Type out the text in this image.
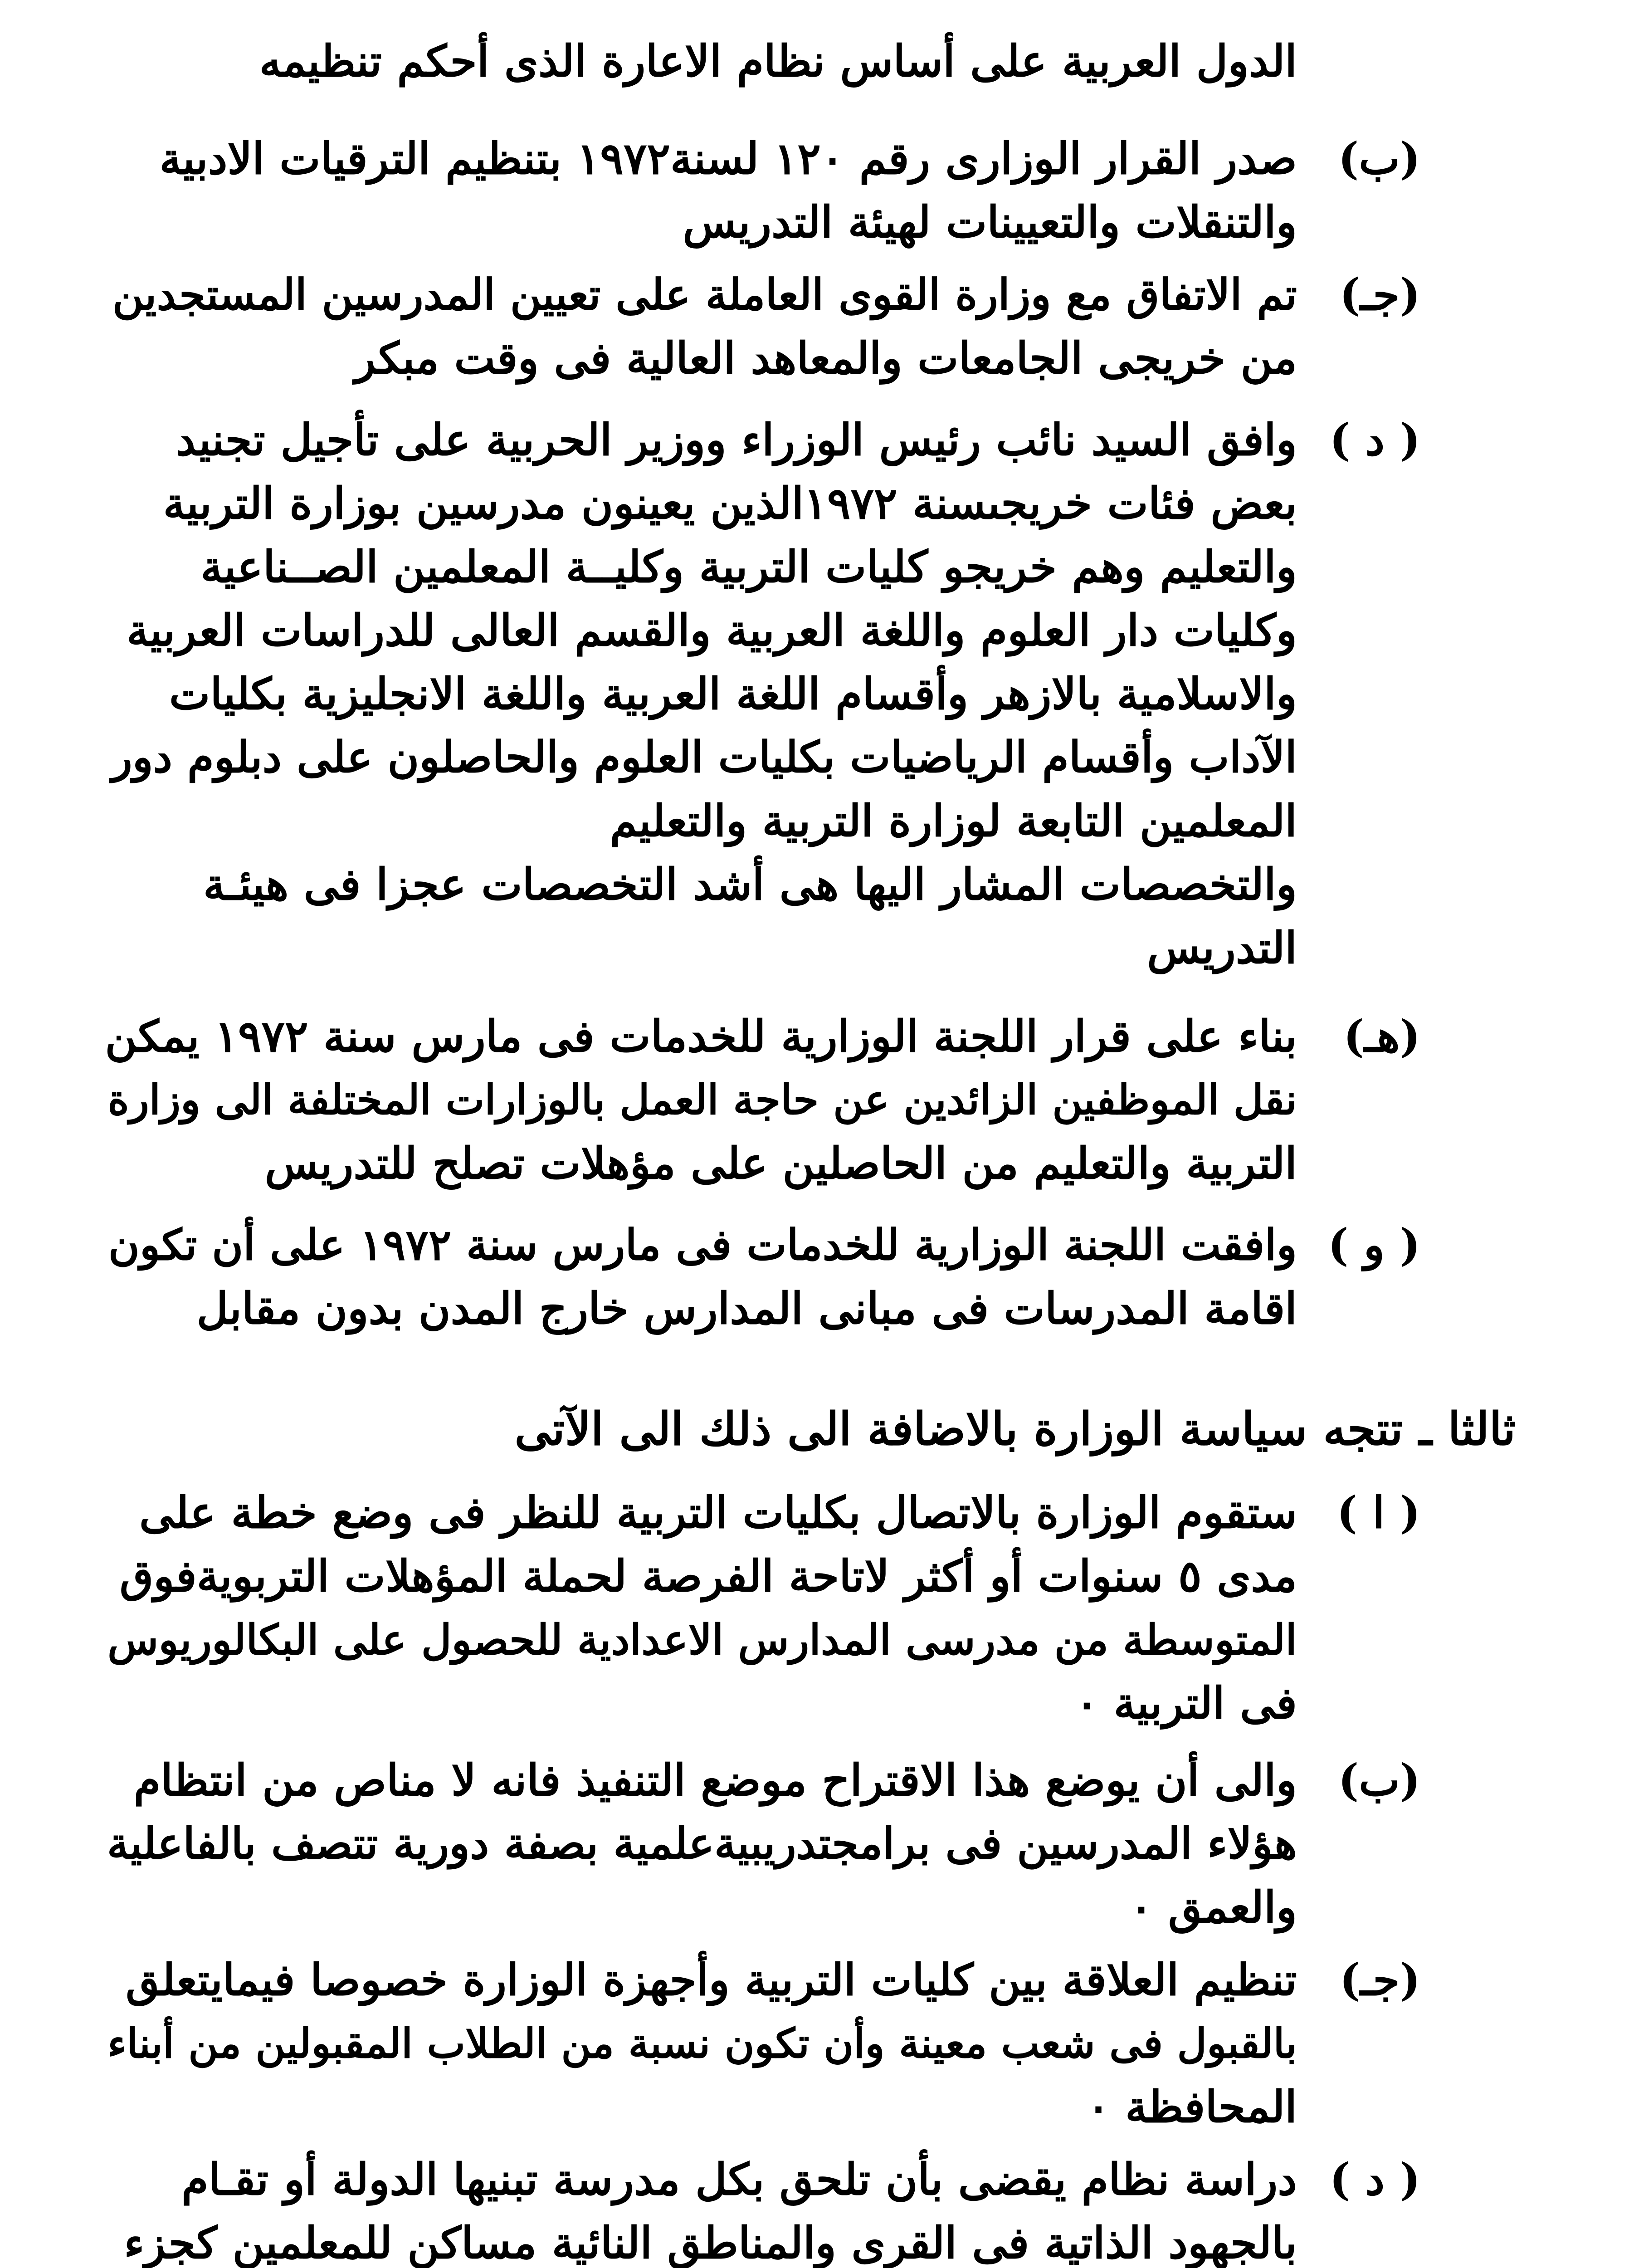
الدول العربية على أساس نظام الاعارة الذى أحكم تنظيمه
(ب)
صدر القرار الوزارى رقم ١٢٠ لسنة١٩٧٢ بتنظيم الترقيات الادبية
والتنقلات والتعيينات لهيئة التدريس
(جـ)
تم الاتفاق مع وزارة القوى العاملة على تعيين المدرسين المستجدين
من خريجى الجامعات والمعاهد العالية فى وقت مبكر
( د )
وافق السيد نائب رئيس الوزراء ووزير الحربية على تأجيل تجنيد
بعض فئات خريجىسنة ١٩٧٢الذين يعينون مدرسين بوزارة التربية
والتعليم وهم خريجو كليات التربية وكليــة المعلمين الصــناعية
وكليات دار العلوم واللغة العربية والقسم العالى للدراسات العربية
والاسلامية بالازهر وأقسام اللغة العربية واللغة الانجليزية بكليات
الآداب وأقسام الرياضيات بكليات العلوم والحاصلون على دبلوم دور
المعلمين التابعة لوزارة التربية والتعليم
والتخصصات المشار اليها هى أشد التخصصات عجزا فى هيئـة
التدريس
(هـ)
بناء على قرار اللجنة الوزارية للخدمات فى مارس سنة ١٩٧٢ يمكن
نقل الموظفين الزائدين عن حاجة العمل بالوزارات المختلفة الى وزارة
التربية والتعليم من الحاصلين على مؤهلات تصلح للتدريس
( و )
وافقت اللجنة الوزارية للخدمات فى مارس سنة ١٩٧٢ على أن تكون
اقامة المدرسات فى مبانى المدارس خارج المدن بدون مقابل
ثالثا ـ تتجه سياسة الوزارة بالاضافة الى ذلك الى الآتى
( ا )
ستقوم الوزارة بالاتصال بكليات التربية للنظر فى وضع خطة على
مدى ٥ سنوات أو أكثر لاتاحة الفرصة لحملة المؤهلات التربويةفوق
المتوسطة من مدرسى المدارس الاعدادية للحصول على البكالوريوس
فى التربية ٠
(ب)
والى أن يوضع هذا الاقتراح موضع التنفيذ فانه لا مناص من انتظام
هؤلاء المدرسين فى برامجتدريبيةعلمية بصفة دورية تتصف بالفاعلية
والعمق ٠
(جـ)
تنظيم العلاقة بين كليات التربية وأجهزة الوزارة خصوصا فيمايتعلق
بالقبول فى شعب معينة وأن تكون نسبة من الطلاب المقبولين من أبناء
المحافظة ٠
( د )
دراسة نظام يقضى بأن تلحق بكل مدرسة تبنيها الدولة أو تقـام
بالجهود الذاتية فى القرى والمناطق النائية مساكن للمعلمين كجزء
